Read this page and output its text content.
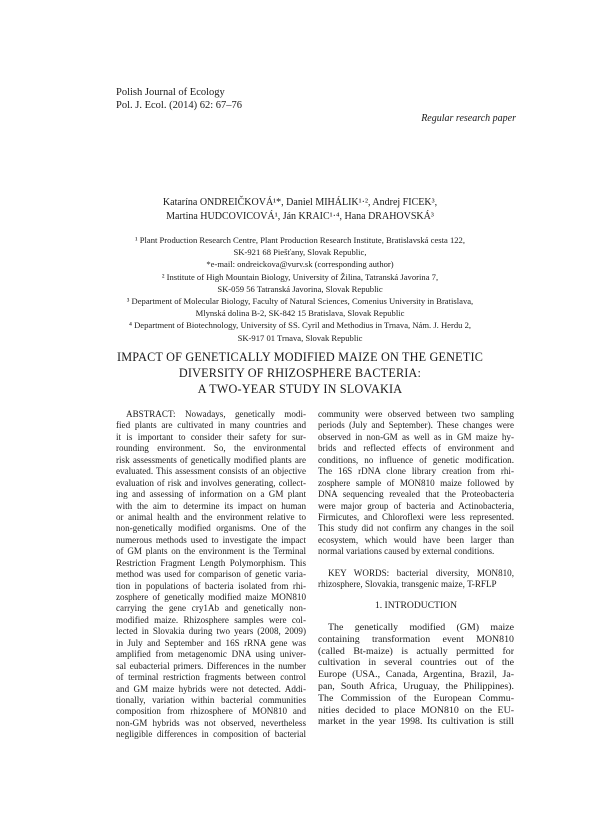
Polish Journal of Ecology
Pol. J. Ecol. (2014) 62: 67–76
Regular research paper
Katarína ONDREIČKOVÁ¹*, Daniel MIHÁLIK¹·², Andrej FICEK³,
Martina HUDCOVICOVÁ¹, Ján KRAIC¹·⁴, Hana DRAHOVSKÁ³
¹ Plant Production Research Centre, Plant Production Research Institute, Bratislavská cesta 122,
SK-921 68 Piešťany, Slovak Republic,
*e-mail: ondreickova@vurv.sk (corresponding author)
² Institute of High Mountain Biology, University of Žilina, Tatranská Javorina 7,
SK-059 56 Tatranská Javorina, Slovak Republic
³ Department of Molecular Biology, Faculty of Natural Sciences, Comenius University in Bratislava,
Mlynská dolina B-2, SK-842 15 Bratislava, Slovak Republic
⁴ Department of Biotechnology, University of SS. Cyril and Methodius in Trnava, Nám. J. Herdu 2,
SK-917 01 Trnava, Slovak Republic
IMPACT OF GENETICALLY MODIFIED MAIZE ON THE GENETIC
DIVERSITY OF RHIZOSPHERE BACTERIA:
A TWO-YEAR STUDY IN SLOVAKIA
ABSTRACT: Nowadays, genetically modi-
fied plants are cultivated in many countries and
it is important to consider their safety for sur-
rounding environment. So, the environmental
risk assessments of genetically modified plants are
evaluated. This assessment consists of an objective
evaluation of risk and involves generating, collect-
ing and assessing of information on a GM plant
with the aim to determine its impact on human
or animal health and the environment relative to
non-genetically modified organisms. One of the
numerous methods used to investigate the impact
of GM plants on the environment is the Terminal
Restriction Fragment Length Polymorphism. This
method was used for comparison of genetic varia-
tion in populations of bacteria isolated from rhi-
zosphere of genetically modified maize MON810
carrying the gene cry1Ab and genetically non-
modified maize. Rhizosphere samples were col-
lected in Slovakia during two years (2008, 2009)
in July and September and 16S rRNA gene was
amplified from metagenomic DNA using univer-
sal eubacterial primers. Differences in the number
of terminal restriction fragments between control
and GM maize hybrids were not detected. Addi-
tionally, variation within bacterial communities
composition from rhizosphere of MON810 and
non-GM hybrids was not observed, nevertheless
negligible differences in composition of bacterial
community were observed between two sampling
periods (July and September). These changes were
observed in non-GM as well as in GM maize hy-
brids and reflected effects of environment and
conditions, no influence of genetic modification.
The 16S rDNA clone library creation from rhi-
zosphere sample of MON810 maize followed by
DNA sequencing revealed that the Proteobacteria
were major group of bacteria and Actinobacteria,
Firmicutes, and Chloroflexi were less represented.
This study did not confirm any changes in the soil
ecosystem, which would have been larger than
normal variations caused by external conditions.
KEY WORDS: bacterial diversity, MON810,
rhizosphere, Slovakia, transgenic maize, T-RFLP
1. INTRODUCTION
The genetically modified (GM) maize
containing transformation event MON810
(called Bt-maize) is actually permitted for
cultivation in several countries out of the
Europe (USA., Canada, Argentina, Brazil, Ja-
pan, South Africa, Uruguay, the Philippines).
The Commission of the European Commu-
nities decided to place MON810 on the EU-
market in the year 1998. Its cultivation is still
